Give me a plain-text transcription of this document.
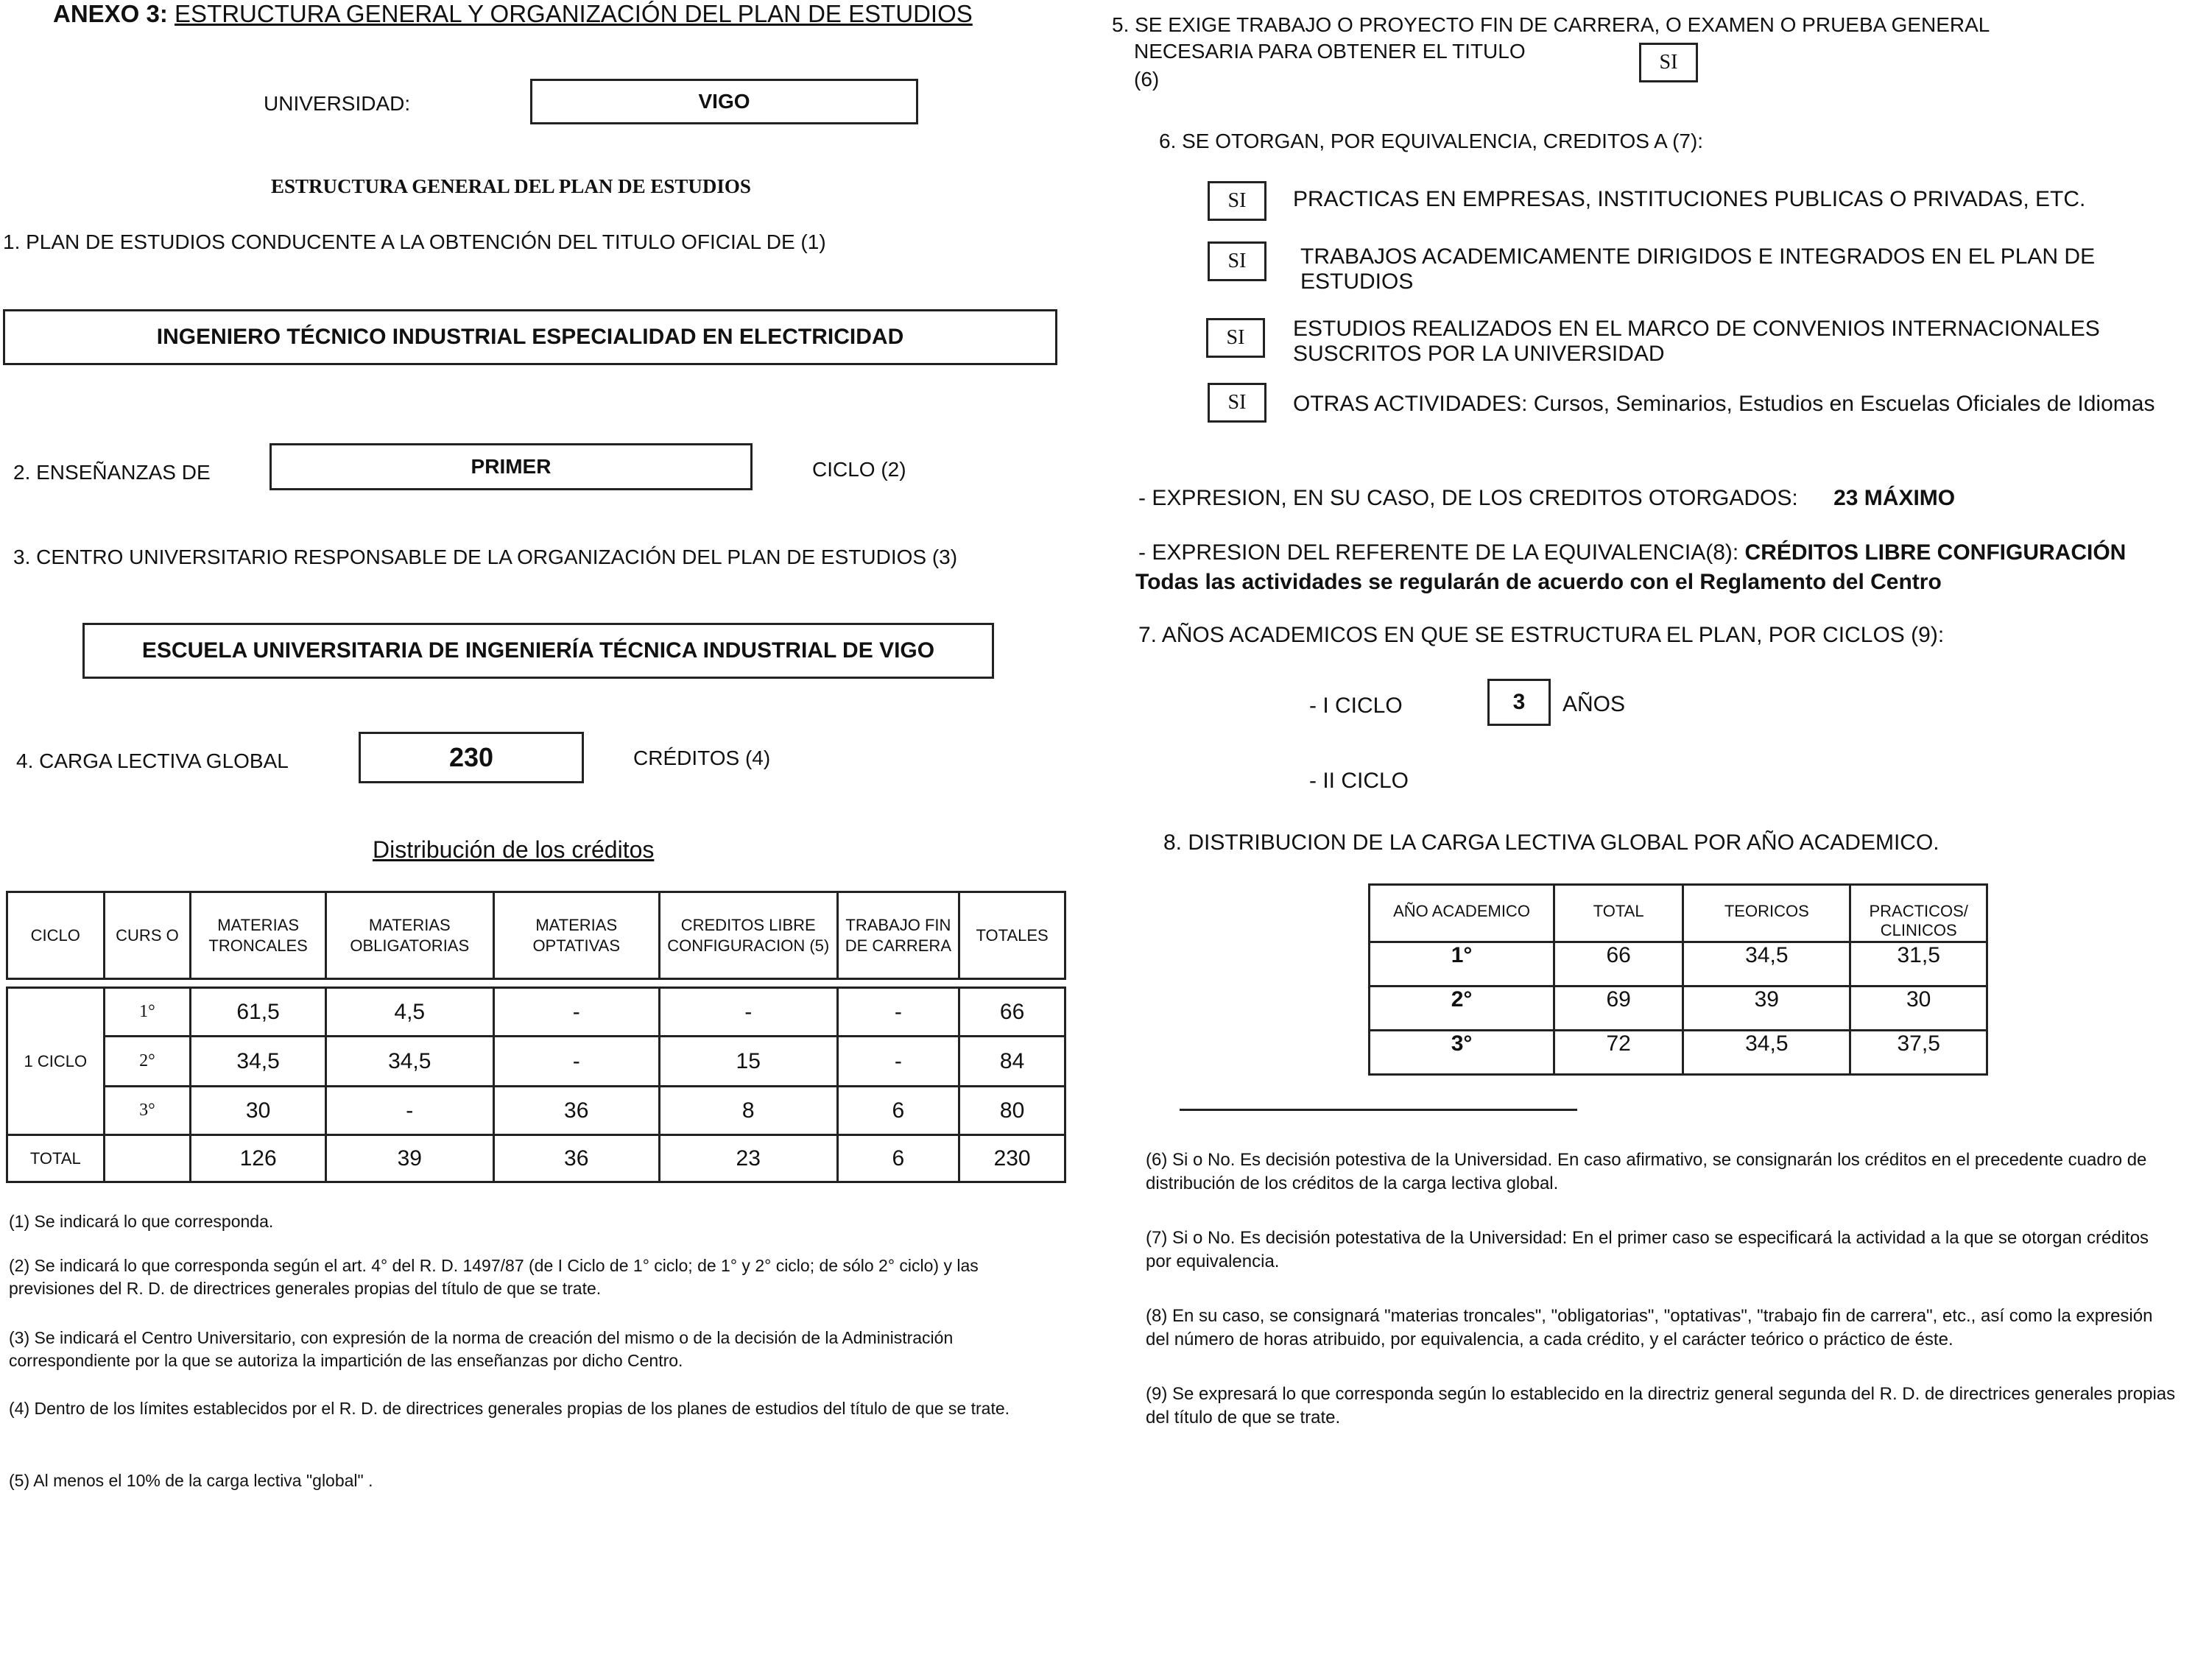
ANEXO 3: ESTRUCTURA GENERAL Y ORGANIZACIÓN DEL PLAN DE ESTUDIOS
UNIVERSIDAD:	VIGO
ESTRUCTURA GENERAL DEL PLAN DE ESTUDIOS
1. PLAN DE ESTUDIOS CONDUCENTE A LA OBTENCIÓN DEL TITULO OFICIAL DE (1)
INGENIERO TÉCNICO INDUSTRIAL ESPECIALIDAD EN ELECTRICIDAD
2. ENSEÑANZAS DE	PRIMER	CICLO (2)
3. CENTRO UNIVERSITARIO RESPONSABLE DE LA ORGANIZACIÓN DEL PLAN DE ESTUDIOS (3)
ESCUELA UNIVERSITARIA DE INGENIERÍA TÉCNICA INDUSTRIAL DE VIGO
4. CARGA LECTIVA GLOBAL	230	CRÉDITOS (4)
Distribución de los créditos
CICLO	CURS O	MATERIAS TRONCALES	MATERIAS OBLIGATORIAS	MATERIAS OPTATIVAS	CREDITOS LIBRE CONFIGURACION (5)	TRABAJO FIN DE CARRERA	TOTALES

1 CICLO	1°	61,5	4,5	-	-	-	66
	2°	34,5	34,5	-	15	-	84
	3°	30	-	36	8	6	80
TOTAL		126	39	36	23	6	230
(1) Se indicará lo que corresponda.
(2) Se indicará lo que corresponda según el art. 4° del R. D. 1497/87 (de I Ciclo de 1° ciclo; de 1° y 2° ciclo; de sólo 2° ciclo) y las previsiones del R. D. de directrices generales propias del título de que se trate.
(3) Se indicará el Centro Universitario, con expresión de la norma de creación del mismo o de la decisión de la Administración correspondiente por la que se autoriza la impartición de las enseñanzas por dicho Centro.
(4) Dentro de los límites establecidos por el R. D. de directrices generales propias de los planes de estudios del título de que se trate.
(5) Al menos el 10% de la carga lectiva "global" .
5. SE EXIGE TRABAJO O PROYECTO FIN DE CARRERA, O EXAMEN O PRUEBA GENERAL
NECESARIA PARA OBTENER EL TITULO
(6)
SI
6. SE OTORGAN, POR EQUIVALENCIA, CREDITOS A (7):
SI	PRACTICAS EN EMPRESAS, INSTITUCIONES PUBLICAS O PRIVADAS, ETC.
SI	TRABAJOS ACADEMICAMENTE DIRIGIDOS E INTEGRADOS EN EL PLAN DE ESTUDIOS
SI	ESTUDIOS REALIZADOS EN EL MARCO DE CONVENIOS INTERNACIONALES SUSCRITOS POR LA UNIVERSIDAD
SI	OTRAS ACTIVIDADES: Cursos, Seminarios, Estudios en Escuelas Oficiales de Idiomas
- EXPRESION, EN SU CASO, DE LOS CREDITOS OTORGADOS: 23 MÁXIMO
- EXPRESION DEL REFERENTE DE LA EQUIVALENCIA(8): CRÉDITOS LIBRE CONFIGURACIÓN
Todas las actividades se regularán de acuerdo con el Reglamento del Centro
7. AÑOS ACADEMICOS EN QUE SE ESTRUCTURA EL PLAN, POR CICLOS (9):
- I CICLO	3	AÑOS
- II CICLO
8. DISTRIBUCION DE LA CARGA LECTIVA GLOBAL POR AÑO ACADEMICO.
AÑO ACADEMICO	TOTAL	TEORICOS	PRACTICOS/ CLINICOS
1°	66	34,5	31,5
2°	69	39	30
3°	72	34,5	37,5
(6) Si o No. Es decisión potestiva de la Universidad. En caso afirmativo, se consignarán los créditos en el precedente cuadro de distribución de los créditos de la carga lectiva global.
(7) Si o No. Es decisión potestativa de la Universidad: En el primer caso se especificará la actividad a la que se otorgan créditos por equivalencia.
(8) En su caso, se consignará "materias troncales", "obligatorias", "optativas", "trabajo fin de carrera", etc., así como la expresión del número de horas atribuido, por equivalencia, a cada crédito, y el carácter teórico o práctico de éste.
(9) Se expresará lo que corresponda según lo establecido en la directriz general segunda del R. D. de directrices generales propias del título de que se trate.
